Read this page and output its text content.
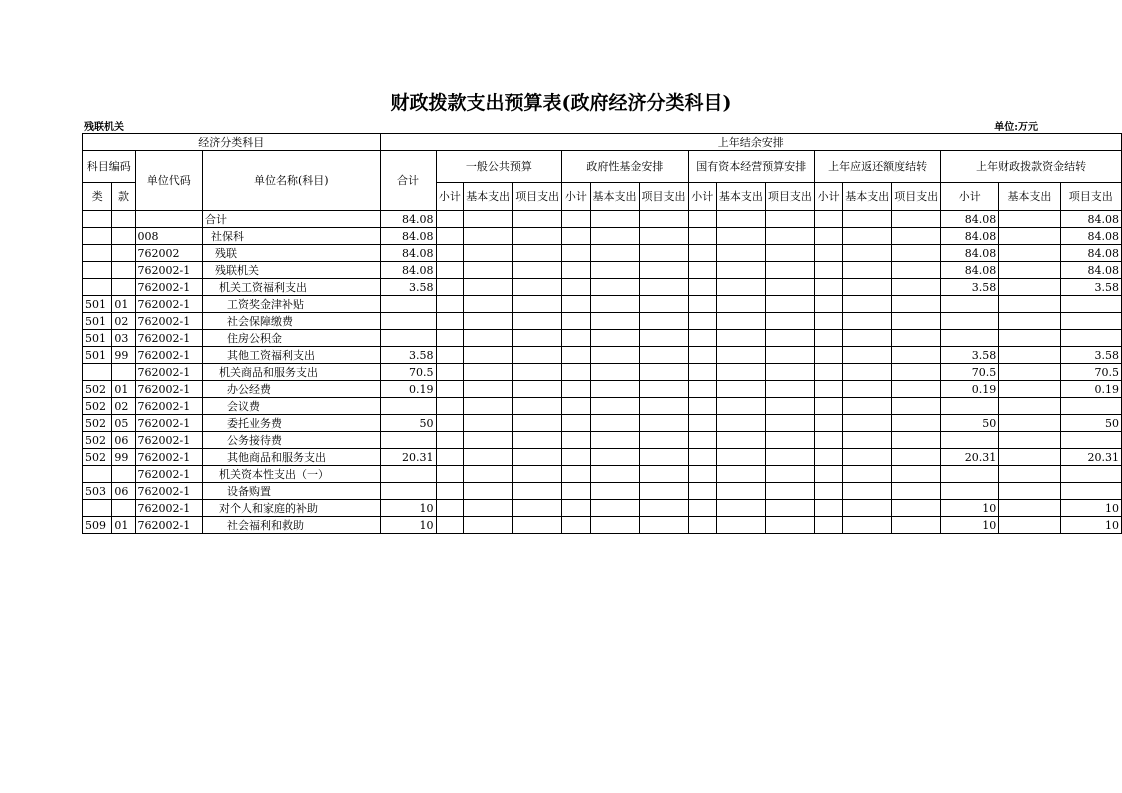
财政拨款支出预算表(政府经济分类科目)
残联机关	单位:万元
经济分类科目				上年结余安排															
科目编码		单位代码	单位名称(科目)	合计	一般公共预算			政府性基金安排			国有资本经营预算安排			上年应返还额度结转			上年财政拨款资金结转		
类	款				小计	基本支出	项目支出	小计	基本支出	项目支出	小计	基本支出	项目支出	小计	基本支出	项目支出	小计	基本支出	项目支出
			合计	84.08													84.08		84.08
		008	社保科	84.08													84.08		84.08
		762002	残联	84.08													84.08		84.08
		762002-1	残联机关	84.08													84.08		84.08
		762002-1	机关工资福利支出	3.58													3.58		3.58
501	01	762002-1	工资奖金津补贴																
501	02	762002-1	社会保障缴费																
501	03	762002-1	住房公积金																
501	99	762002-1	其他工资福利支出	3.58													3.58		3.58
		762002-1	机关商品和服务支出	70.5													70.5		70.5
502	01	762002-1	办公经费	0.19													0.19		0.19
502	02	762002-1	会议费																
502	05	762002-1	委托业务费	50													50		50
502	06	762002-1	公务接待费																
502	99	762002-1	其他商品和服务支出	20.31													20.31		20.31
		762002-1	机关资本性支出（一）																
503	06	762002-1	设备购置																
		762002-1	对个人和家庭的补助	10													10		10
509	01	762002-1	社会福利和救助	10													10		10
